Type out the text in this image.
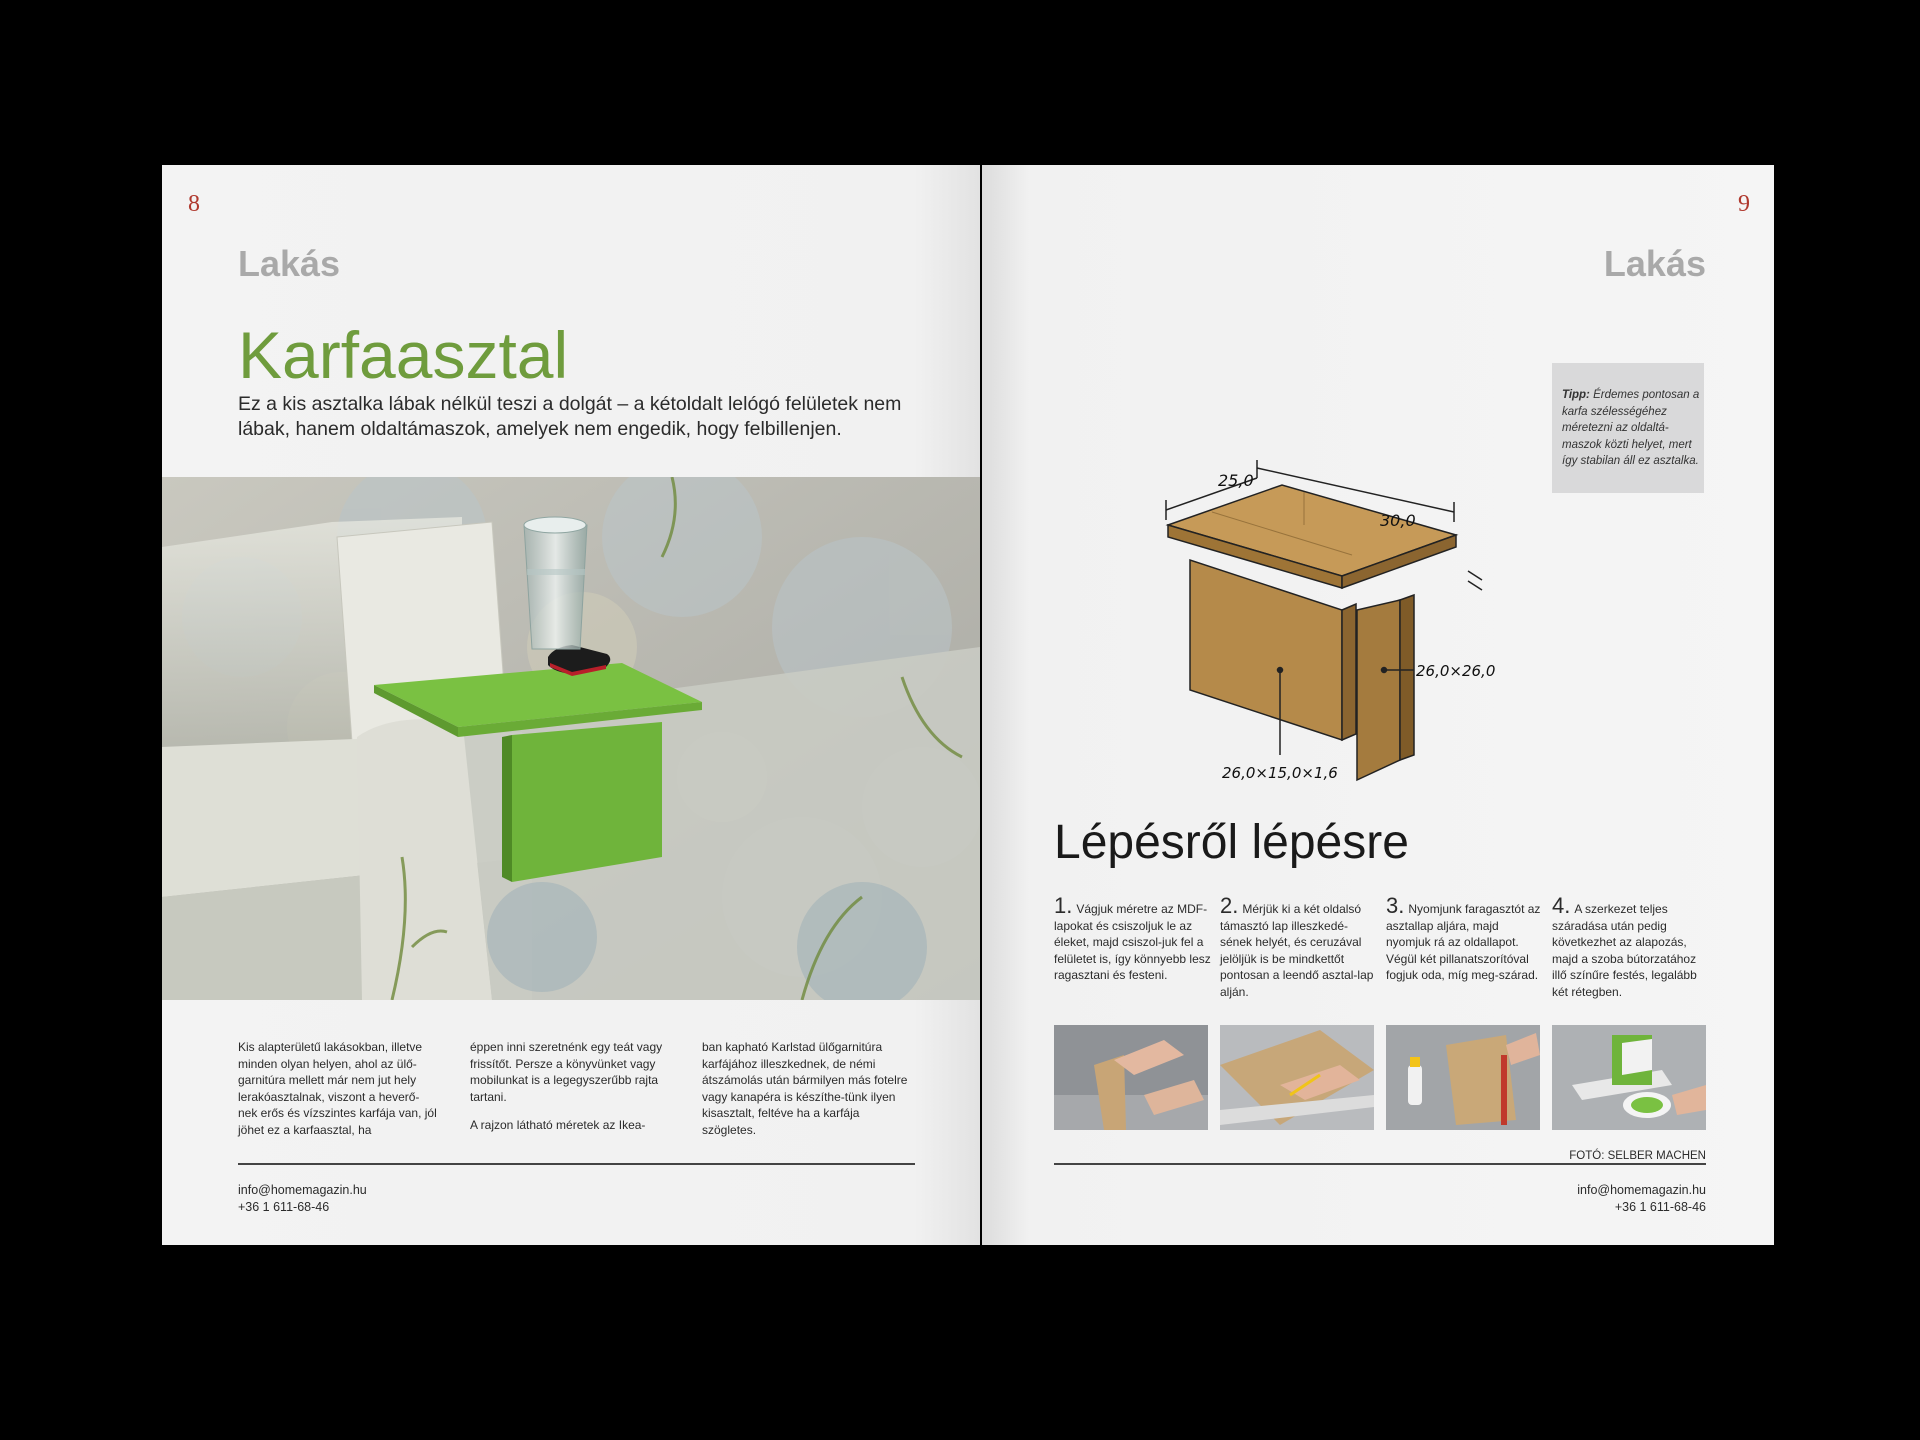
8
Lakás
Karfaasztal
Ez a kis asztalka lábak nélkül teszi a dolgát – a kétoldalt lelógó felületek nem lábak, hanem oldaltámaszok, amelyek nem engedik, hogy felbillenjen.

Kis alapterületű lakásokban, illetve minden olyan helyen, ahol az ülő-garnitúra mellett már nem jut hely lerakóasztalnak, viszont a heverő-nek erős és vízszintes karfája van, jól jöhet ez a karfaasztal, ha

éppen inni szeretnénk egy teát vagy frissítőt. Persze a könyvünket vagy mobilunkat is a legegyszerűbb rajta tartani.

A rajzon látható méretek az Ikea-

ban kapható Karlstad ülőgarnitúra karfájához illeszkednek, de némi átszámolás után bármilyen más fotelre vagy kanapéra is készíthe-tünk ilyen kisasztalt, feltéve ha a karfája szögletes.

info@homemagazin.hu
+36 1 611-68-46
9
Lakás
Tipp: Érdemes pontosan a karfa szélességéhez méretezni az oldaltá-maszok közti helyet, mert így stabilan áll ez asztalka.
25,0
30,0
26,0×26,0
26,0×15,0×1,6
Lépésről lépésre
1. Vágjuk méretre az MDF-lapokat és csiszoljuk le az éleket, majd csiszol-juk fel a felületet is, így könnyebb lesz ragasztani és festeni.
2. Mérjük ki a két oldalsó támasztó lap illeszkedé-sének helyét, és ceruzával jelöljük is be mindkettőt pontosan a leendő asztal-lap alján.
3. Nyomjunk faragasztót az asztallap aljára, majd nyomjuk rá az oldallapot. Végül két pillanatszorítóval fogjuk oda, míg meg-szárad.
4. A szerkezet teljes száradása után pedig következhet az alapozás, majd a szoba bútorzatához illő színűre festés, legalább két rétegben.
FOTÓ: SELBER MACHEN
info@homemagazin.hu
+36 1 611-68-46
